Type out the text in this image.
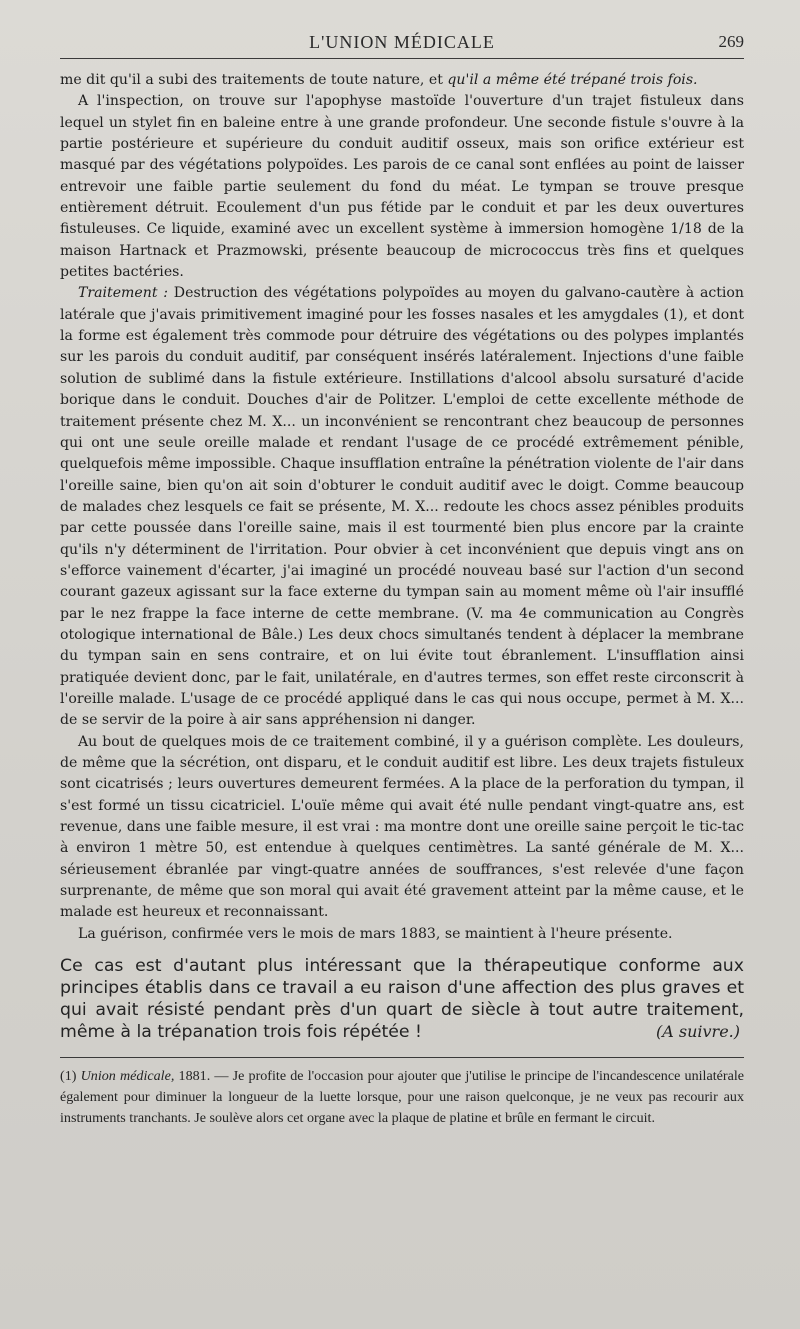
L'UNION MÉDICALE	269

me dit qu'il a subi des traitements de toute nature, et qu'il a même été trépané trois fois.

A l'inspection, on trouve sur l'apophyse mastoïde l'ouverture d'un trajet fistuleux dans lequel un stylet fin en baleine entre à une grande profondeur. Une seconde fistule s'ouvre à la partie postérieure et supérieure du conduit auditif osseux, mais son orifice extérieur est masqué par des végétations polypoïdes. Les parois de ce canal sont enflées au point de laisser entrevoir une faible partie seulement du fond du méat. Le tympan se trouve presque entièrement détruit. Ecoulement d'un pus fétide par le conduit et par les deux ouvertures fistuleuses. Ce liquide, examiné avec un excellent système à immersion homogène 1/18 de la maison Hartnack et Prazmowski, présente beaucoup de micrococcus très fins et quelques petites bactéries.

Traitement : Destruction des végétations polypoïdes au moyen du galvano-cautère à action latérale que j'avais primitivement imaginé pour les fosses nasales et les amygdales (1), et dont la forme est également très commode pour détruire des végétations ou des polypes implantés sur les parois du conduit auditif, par conséquent insérés latéralement. Injections d'une faible solution de sublimé dans la fistule extérieure. Instillations d'alcool absolu sursaturé d'acide borique dans le conduit. Douches d'air de Politzer. L'emploi de cette excellente méthode de traitement présente chez M. X... un inconvénient se rencontrant chez beaucoup de personnes qui ont une seule oreille malade et rendant l'usage de ce procédé extrêmement pénible, quelquefois même impossible. Chaque insufflation entraîne la pénétration violente de l'air dans l'oreille saine, bien qu'on ait soin d'obturer le conduit auditif avec le doigt. Comme beaucoup de malades chez lesquels ce fait se présente, M. X... redoute les chocs assez pénibles produits par cette poussée dans l'oreille saine, mais il est tourmenté bien plus encore par la crainte qu'ils n'y déterminent de l'irritation. Pour obvier à cet inconvénient que depuis vingt ans on s'efforce vainement d'écarter, j'ai imaginé un procédé nouveau basé sur l'action d'un second courant gazeux agissant sur la face externe du tympan sain au moment même où l'air insufflé par le nez frappe la face interne de cette membrane. (V. ma 4e communication au Congrès otologique international de Bâle.) Les deux chocs simultanés tendent à déplacer la membrane du tympan sain en sens contraire, et on lui évite tout ébranlement. L'insufflation ainsi pratiquée devient donc, par le fait, unilatérale, en d'autres termes, son effet reste circonscrit à l'oreille malade. L'usage de ce procédé appliqué dans le cas qui nous occupe, permet à M. X... de se servir de la poire à air sans appréhension ni danger.

Au bout de quelques mois de ce traitement combiné, il y a guérison complète. Les douleurs, de même que la sécrétion, ont disparu, et le conduit auditif est libre. Les deux trajets fistuleux sont cicatrisés ; leurs ouvertures demeurent fermées. A la place de la perforation du tympan, il s'est formé un tissu cicatriciel. L'ouïe même qui avait été nulle pendant vingt-quatre ans, est revenue, dans une faible mesure, il est vrai : ma montre dont une oreille saine perçoit le tic-tac à environ 1 mètre 50, est entendue à quelques centimètres. La santé générale de M. X... sérieusement ébranlée par vingt-quatre années de souffrances, s'est relevée d'une façon surprenante, de même que son moral qui avait été gravement atteint par la même cause, et le malade est heureux et reconnaissant.

La guérison, confirmée vers le mois de mars 1883, se maintient à l'heure présente.

Ce cas est d'autant plus intéressant que la thérapeutique conforme aux principes établis dans ce travail a eu raison d'une affection des plus graves et qui avait résisté pendant près d'un quart de siècle à tout autre traitement, même à la trépanation trois fois répétée !	(A suivre.)

(1) Union médicale, 1881. — Je profite de l'occasion pour ajouter que j'utilise le principe de l'incandescence unilatérale également pour diminuer la longueur de la luette lorsque, pour une raison quelconque, je ne veux pas recourir aux instruments tranchants. Je soulève alors cet organe avec la plaque de platine et brûle en fermant le circuit.
